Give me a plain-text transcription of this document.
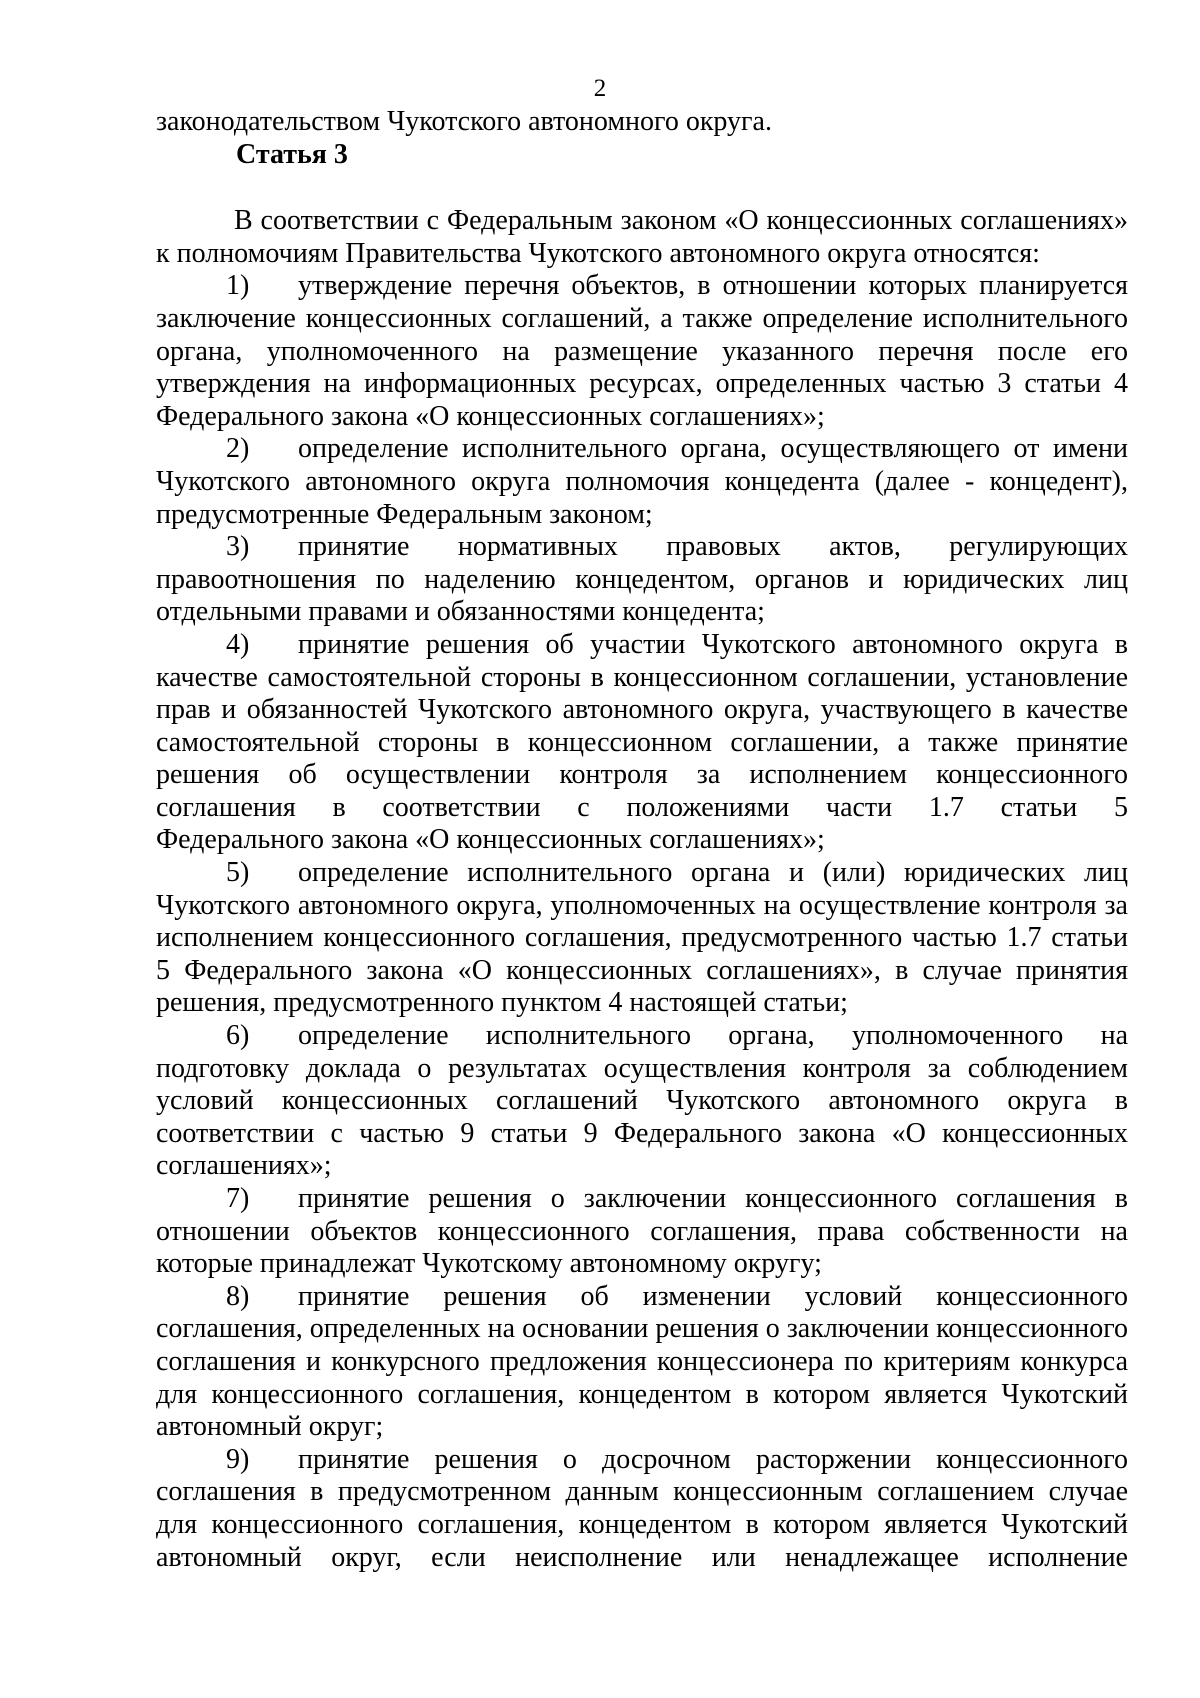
2
законодательством Чукотского автономного округа.
Статья 3
В соответствии с Федеральным законом «О концессионных соглашениях»
к полномочиям Правительства Чукотского автономного округа относятся:
1) утверждение перечня объектов, в отношении которых планируется
заключение концессионных соглашений, а также определение исполнительного
органа, уполномоченного на размещение указанного перечня после его
утверждения на информационных ресурсах, определенных частью 3 статьи 4
Федерального закона «О концессионных соглашениях»;
2) определение исполнительного органа, осуществляющего от имени
Чукотского автономного округа полномочия концедента (далее - концедент),
предусмотренные Федеральным законом;
3) принятие нормативных правовых актов, регулирующих
правоотношения по наделению концедентом, органов и юридических лиц
отдельными правами и обязанностями концедента;
4) принятие решения об участии Чукотского автономного округа в
качестве самостоятельной стороны в концессионном соглашении, установление
прав и обязанностей Чукотского автономного округа, участвующего в качестве
самостоятельной стороны в концессионном соглашении, а также принятие
решения об осуществлении контроля за исполнением концессионного
соглашения в соответствии с положениями части 1.7 статьи 5
Федерального закона «О концессионных соглашениях»;
5) определение исполнительного органа и (или) юридических лиц
Чукотского автономного округа, уполномоченных на осуществление контроля за
исполнением концессионного соглашения, предусмотренного частью 1.7 статьи
5 Федерального закона «О концессионных соглашениях», в случае принятия
решения, предусмотренного пунктом 4 настоящей статьи;
6) определение исполнительного органа, уполномоченного на
подготовку доклада о результатах осуществления контроля за соблюдением
условий концессионных соглашений Чукотского автономного округа в
соответствии с частью 9 статьи 9 Федерального закона «О концессионных
соглашениях»;
7) принятие решения о заключении концессионного соглашения в
отношении объектов концессионного соглашения, права собственности на
которые принадлежат Чукотскому автономному округу;
8) принятие решения об изменении условий концессионного
соглашения, определенных на основании решения о заключении концессионного
соглашения и конкурсного предложения концессионера по критериям конкурса
для концессионного соглашения, концедентом в котором является Чукотский
автономный округ;
9) принятие решения о досрочном расторжении концессионного
соглашения в предусмотренном данным концессионным соглашением случае
для концессионного соглашения, концедентом в котором является Чукотский
автономный округ, если неисполнение или ненадлежащее исполнение
